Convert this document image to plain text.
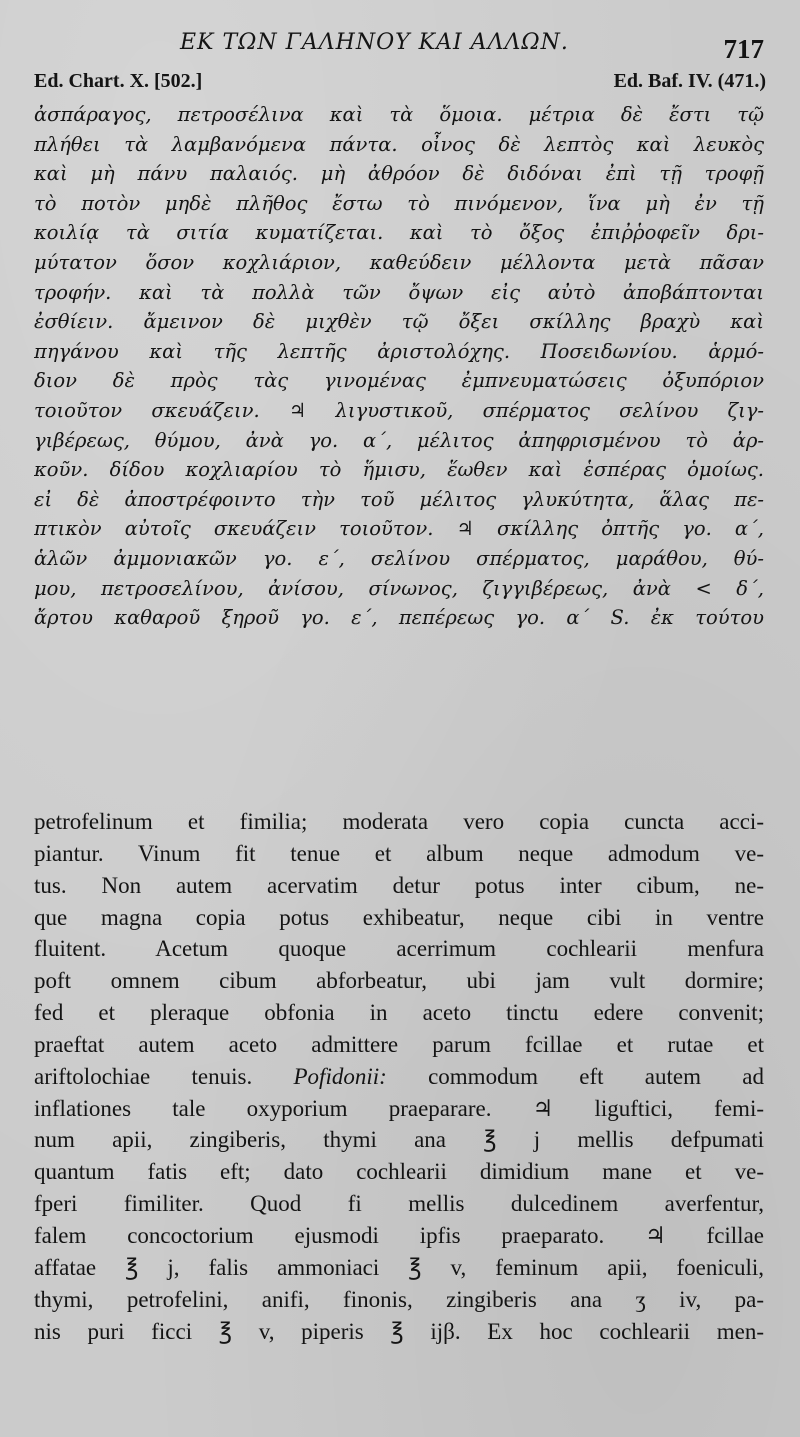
ΕΚ ΤΩΝ ΓΑΛΗΝΟΥ ΚΑΙ ΑΛΛΩΝ.	717
Ed. Chart. X. [502.]	Ed. Baf. IV. (471.)
ἀσπάραγος, πετροσέλινα καὶ τὰ ὅμοια. μέτρια δὲ ἔστι τῷ
πλήθει τὰ λαμβανόμενα πάντα. οἶνος δὲ λεπτὸς καὶ λευκὸς
καὶ μὴ πάνυ παλαιός. μὴ ἀθρόον δὲ διδόναι ἐπὶ τῇ τροφῇ
τὸ ποτὸν μηδὲ πλῆθος ἔστω τὸ πινόμενον, ἵνα μὴ ἐν τῇ
κοιλίᾳ τὰ σιτία κυματίζεται. καὶ τὸ ὄξος ἐπιῤῥοφεῖν δρι-
μύτατον ὅσον κοχλιάριον, καθεύδειν μέλλοντα μετὰ πᾶσαν
τροφήν. καὶ τὰ πολλὰ τῶν ὄψων εἰς αὐτὸ ἀποβάπτονται
ἐσθίειν. ἄμεινον δὲ μιχθὲν τῷ ὄξει σκίλλης βραχὺ καὶ
πηγάνου καὶ τῆς λεπτῆς ἀριστολόχης. Ποσειδωνίου. ἁρμό-
διον δὲ πρὸς τὰς γινομένας ἐμπνευματώσεις ὀξυπόριον
τοιοῦτον σκευάζειν. ♃ λιγυστικοῦ, σπέρματος σελίνου ζιγ-
γιβέρεως, θύμου, ἀνὰ γο. α΄, μέλιτος ἀπηφρισμένου τὸ ἀρ-
κοῦν. δίδου κοχλιαρίου τὸ ἥμισυ, ἕωθεν καὶ ἑσπέρας ὁμοίως.
εἰ δὲ ἀποστρέφοιντο τὴν τοῦ μέλιτος γλυκύτητα, ἅλας πε-
πτικὸν αὐτοῖς σκευάζειν τοιοῦτον. ♃ σκίλλης ὀπτῆς γο. α΄,
ἁλῶν ἀμμονιακῶν γο. ε΄, σελίνου σπέρματος, μαράθου, θύ-
μου, πετροσελίνου, ἀνίσου, σίνωνος, ζιγγιβέρεως, ἀνὰ < δ΄,
ἄρτου καθαροῦ ξηροῦ γο. ε΄, πεπέρεως γο. α΄ S. ἐκ τούτου
petrofelinum et fimilia; moderata vero copia cuncta acci-
piantur. Vinum fit tenue et album neque admodum ve-
tus. Non autem acervatim detur potus inter cibum, ne-
que magna copia potus exhibeatur, neque cibi in ventre
fluitent. Acetum quoque acerrimum cochlearii menfura
poft omnem cibum abforbeatur, ubi jam vult dormire;
fed et pleraque obfonia in aceto tinctu edere convenit;
praeftat autem aceto admittere parum fcillae et rutae et
ariftolochiae tenuis. Pofidonii: commodum eft autem ad
inflationes tale oxyporium praeparare. ♃ liguftici, femi-
num apii, zingiberis, thymi ana ℥ j mellis defpumati
quantum fatis eft; dato cochlearii dimidium mane et ve-
fperi fimiliter. Quod fi mellis dulcedinem averfentur,
falem concoctorium ejusmodi ipfis praeparato. ♃ fcillae
affatae ℥ j, falis ammoniaci ℥ v, feminum apii, foeniculi,
thymi, petrofelini, anifi, finonis, zingiberis ana ʒ iv, pa-
nis puri ficci ℥ v, piperis ℥ ijβ. Ex hoc cochlearii men-
